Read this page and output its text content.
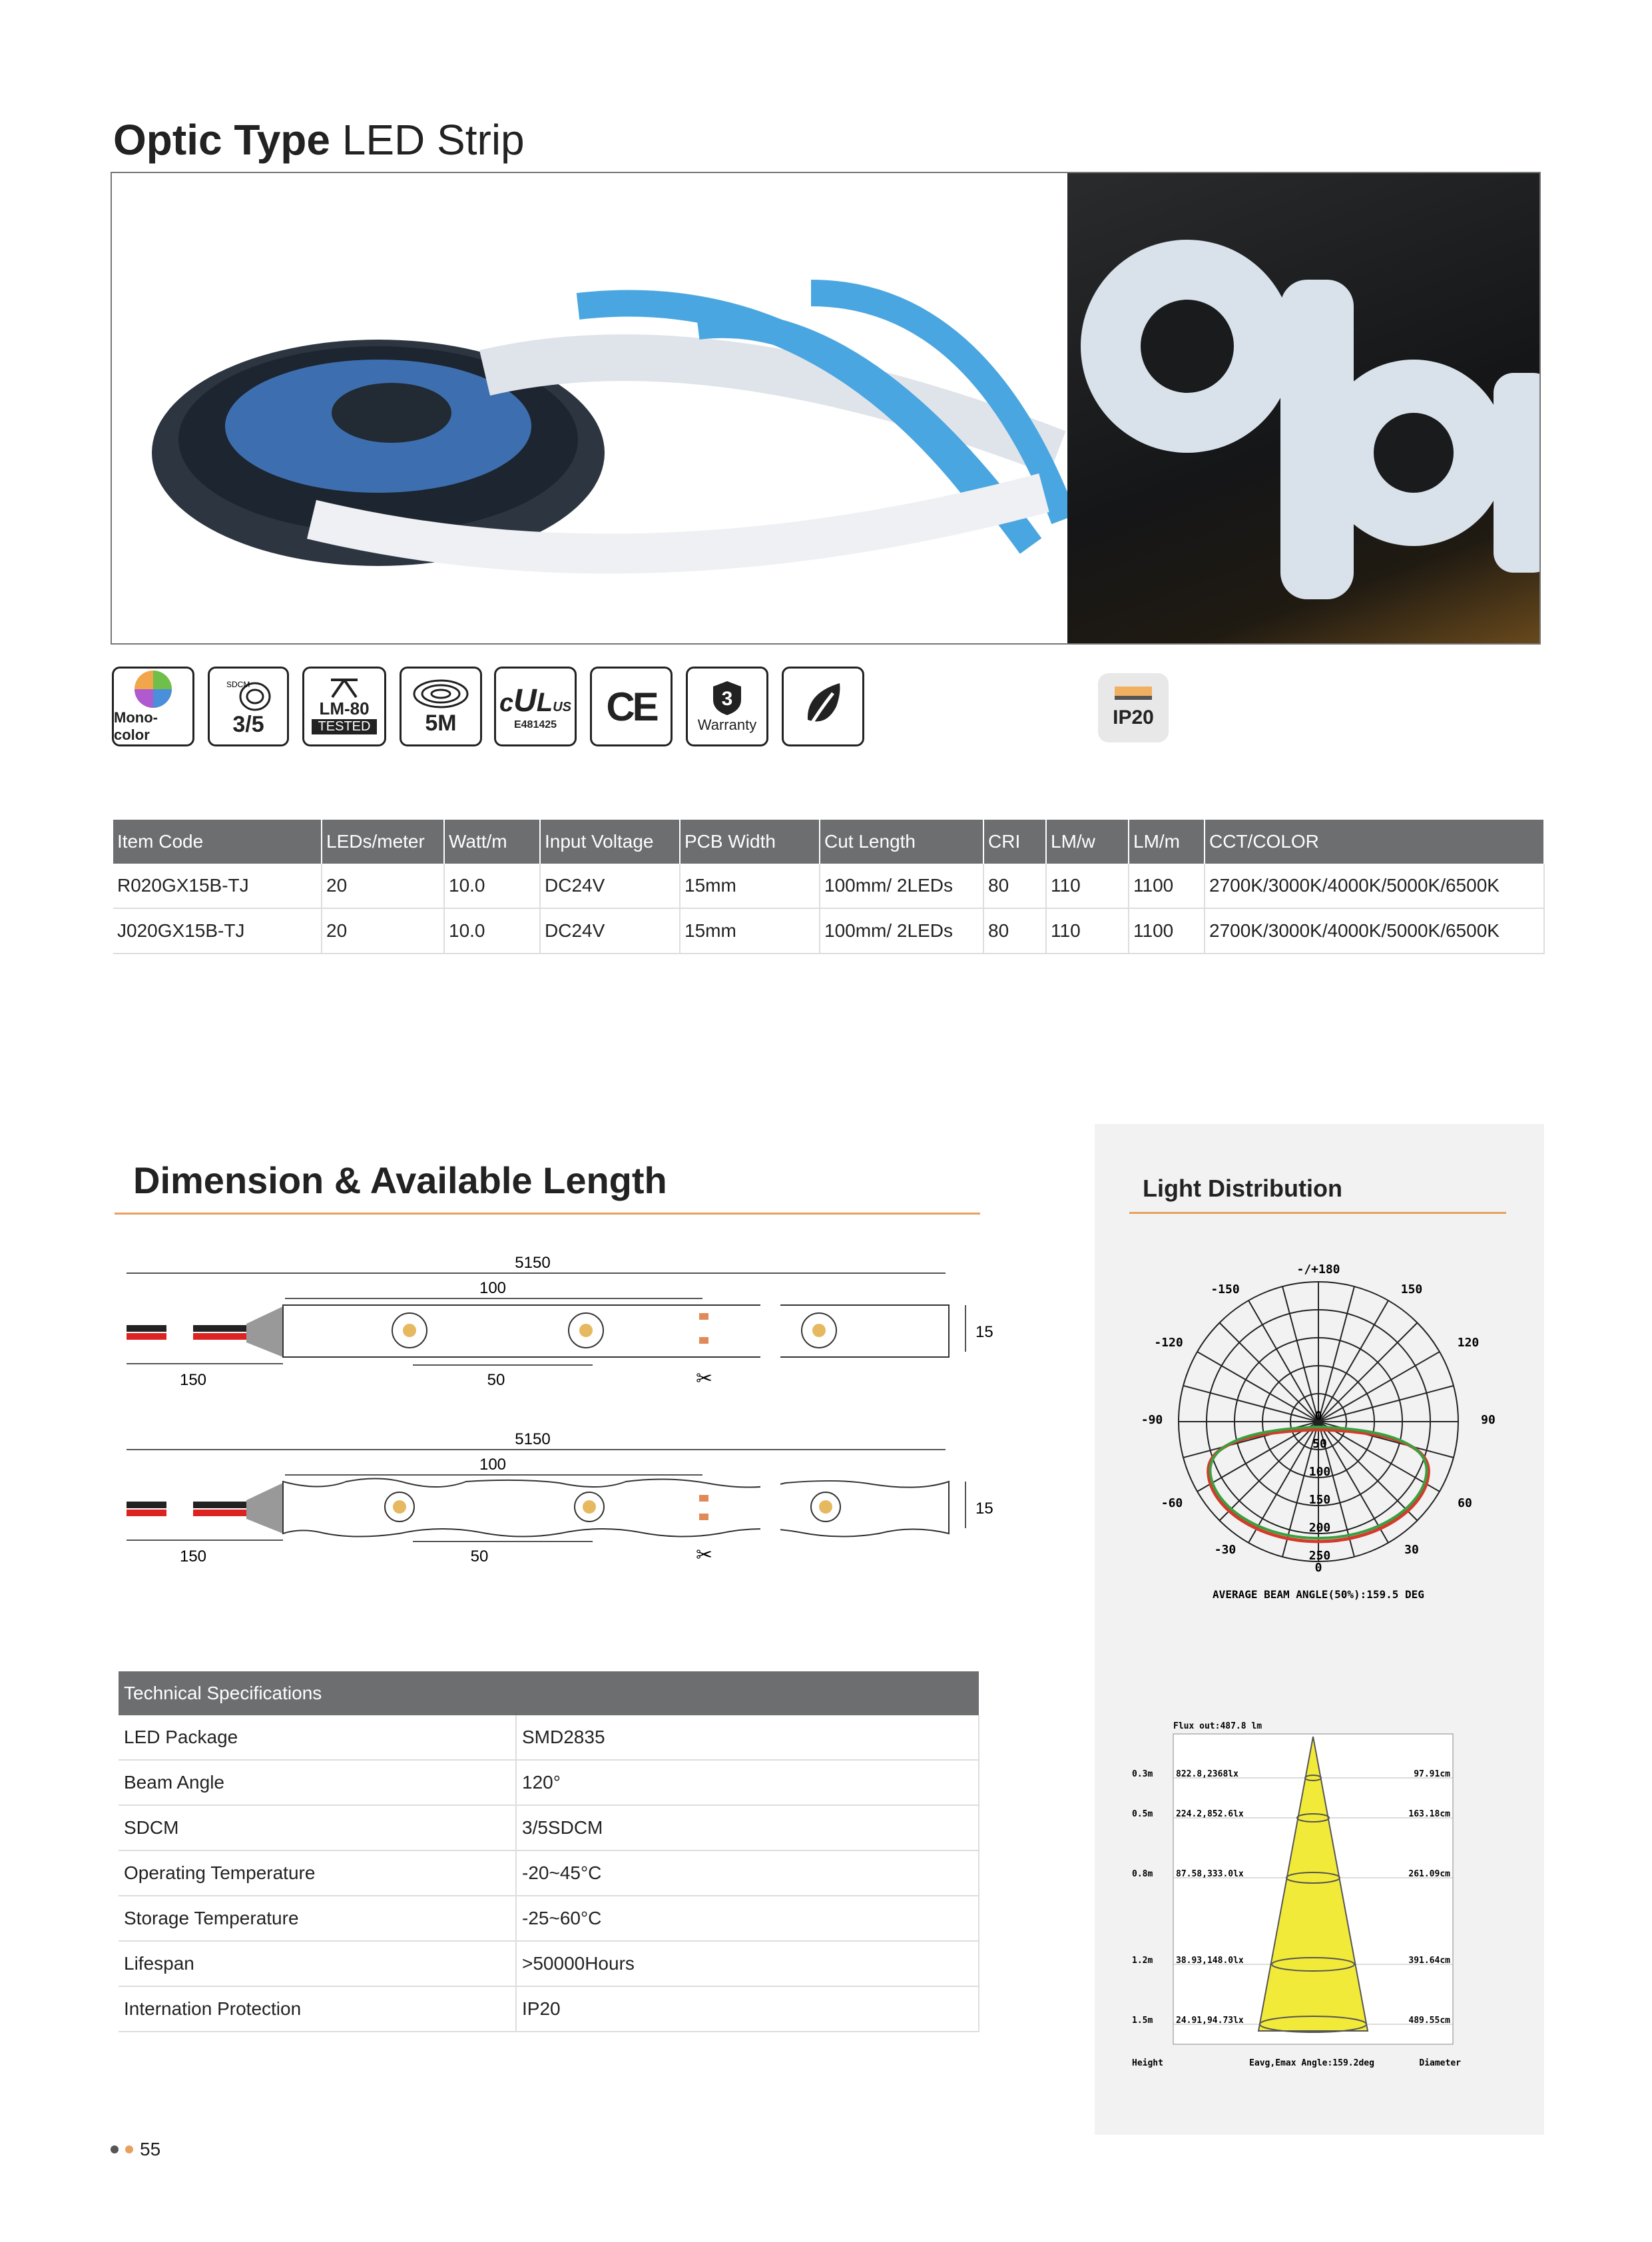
Optic Type LED Strip
Mono-color
SDCM
3/5
LM-80
TESTED 5M
cULUS
E481425 CE	3
Warranty	IP20
Item Code	LEDs/meter	Watt/m	Input Voltage	PCB Width	Cut Length	CRI	LM/w	LM/m	CCT/COLOR
R020GX15B-TJ	20	10.0	DC24V	15mm	100mm/ 2LEDs	80	110	1100	2700K/3000K/4000K/5000K/6500K
J020GX15B-TJ	20	10.0	DC24V	15mm	100mm/ 2LEDs	80	110	1100	2700K/3000K/4000K/5000K/6500K
Dimension & Available Length
5150
100
15
150	50	✂
5150
100
15
150	50	✂
Technical Specifications	
LED Package	SMD2835
Beam Angle	120°
SDCM	3/5SDCM
Operating Temperature	-20~45°C
Storage Temperature	-25~60°C
Lifespan	>50000Hours
Internation Protection	IP20
Light Distribution
-/+180
-150	150
-120	120
-90	90
-60	60
-30	30
0
0
50
100
150
200
250
AVERAGE BEAM ANGLE(50%):159.5 DEG
Flux out:487.8 lm
0.3m	822.8,2368lx	97.91cm
0.5m	224.2,852.6lx	163.18cm
0.8m	87.58,333.0lx	261.09cm
1.2m	38.93,148.0lx	391.64cm
1.5m	24.91,94.73lx	489.55cm
Height	Eavg,Emax Angle:159.2deg	Diameter
55
